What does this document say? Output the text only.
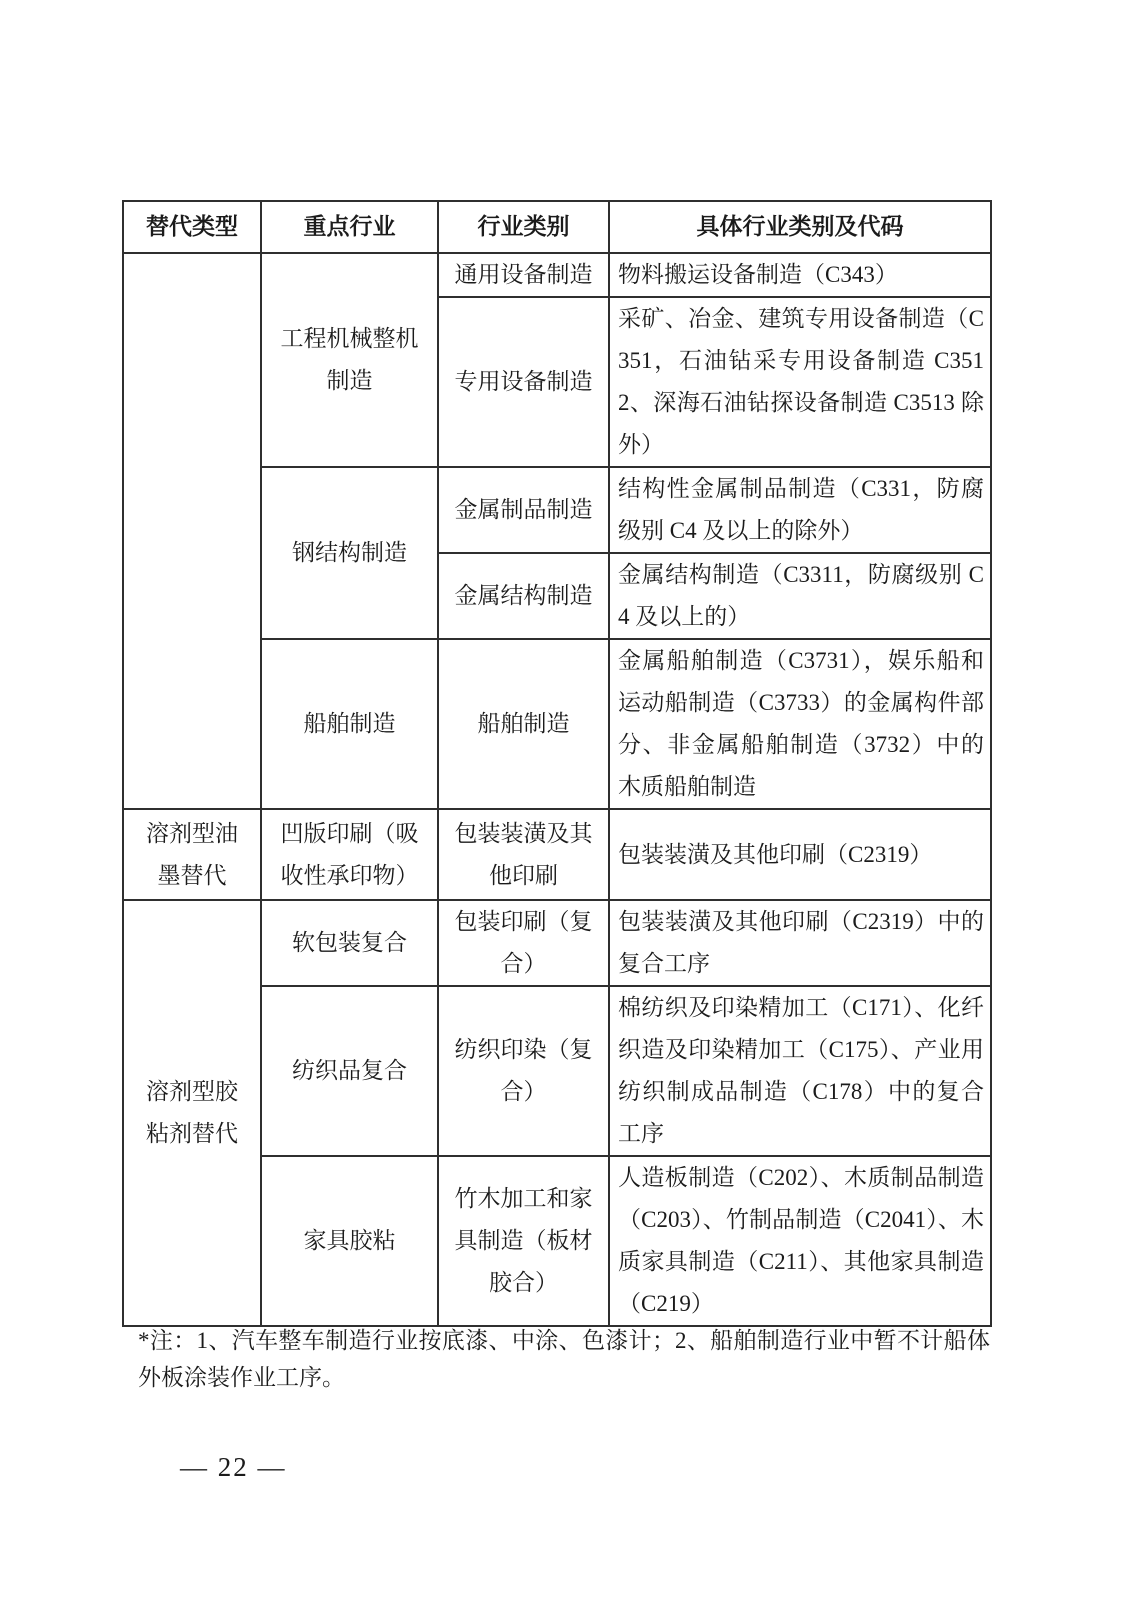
替代类型	重点行业	行业类别	具体行业类别及代码
	工程机械整机制造	通用设备制造	物料搬运设备制造（C343）
		专用设备制造	采矿、冶金、建筑专用设备制造（C351，石油钻采专用设备制造 C3512、深海石油钻探设备制造 C3513 除外）
	钢结构制造	金属制品制造	结构性金属制品制造（C331，防腐级别 C4 及以上的除外）
		金属结构制造	金属结构制造（C3311，防腐级别 C4 及以上的）
	船舶制造	船舶制造	金属船舶制造（C3731），娱乐船和运动船制造（C3733）的金属构件部分、非金属船舶制造（3732）中的木质船舶制造
溶剂型油墨替代	凹版印刷（吸收性承印物）	包装装潢及其他印刷	包装装潢及其他印刷（C2319）
溶剂型胶粘剂替代	软包装复合	包装印刷（复合）	包装装潢及其他印刷（C2319）中的复合工序
	纺织品复合	纺织印染（复合）	棉纺织及印染精加工（C171）、化纤织造及印染精加工（C175）、产业用纺织制成品制造（C178）中的复合工序
	家具胶粘	竹木加工和家具制造（板材胶合）	人造板制造（C202）、木质制品制造（C203）、竹制品制造（C2041）、木质家具制造（C211）、其他家具制造（C219）
*注：1、汽车整车制造行业按底漆、中涂、色漆计；2、船舶制造行业中暂不计船体外板涂装作业工序。
— 22 —
